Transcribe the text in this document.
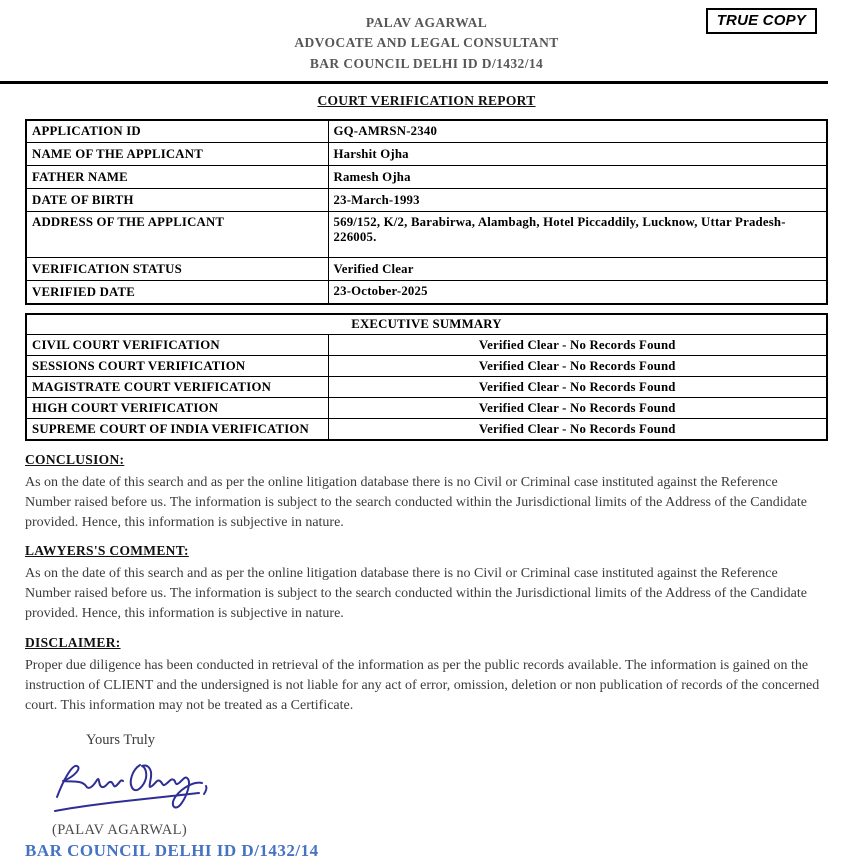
PALAV AGARWAL
ADVOCATE AND LEGAL CONSULTANT
BAR COUNCIL DELHI ID D/1432/14
TRUE COPY
COURT VERIFICATION REPORT
APPLICATION ID	GQ-AMRSN-2340
NAME OF THE APPLICANT	Harshit Ojha
FATHER NAME	Ramesh Ojha
DATE OF BIRTH	23-March-1993
ADDRESS OF THE APPLICANT	569/152, K/2, Barabirwa, Alambagh, Hotel Piccaddily, Lucknow, Uttar Pradesh-226005.
VERIFICATION STATUS	Verified Clear
VERIFIED DATE	23-October-2025
EXECUTIVE SUMMARY	
CIVIL COURT VERIFICATION	Verified Clear - No Records Found
SESSIONS COURT VERIFICATION	Verified Clear - No Records Found
MAGISTRATE COURT VERIFICATION	Verified Clear - No Records Found
HIGH COURT VERIFICATION	Verified Clear - No Records Found
SUPREME COURT OF INDIA VERIFICATION	Verified Clear - No Records Found
CONCLUSION:
As on the date of this search and as per the online litigation database there is no Civil or Criminal case instituted against the Reference Number raised before us. The information is subject to the search conducted within the Jurisdictional limits of the Address of the Candidate provided. Hence, this information is subjective in nature.
LAWYERS'S COMMENT:
As on the date of this search and as per the online litigation database there is no Civil or Criminal case instituted against the Reference Number raised before us. The information is subject to the search conducted within the Jurisdictional limits of the Address of the Candidate provided. Hence, this information is subjective in nature.
DISCLAIMER:
Proper due diligence has been conducted in retrieval of the information as per the public records available. The information is gained on the instruction of CLIENT and the undersigned is not liable for any act of error, omission, deletion or non publication of records of the concerned court. This information may not be treated as a Certificate.
Yours Truly
(PALAV AGARWAL)
BAR COUNCIL DELHI ID D/1432/14
